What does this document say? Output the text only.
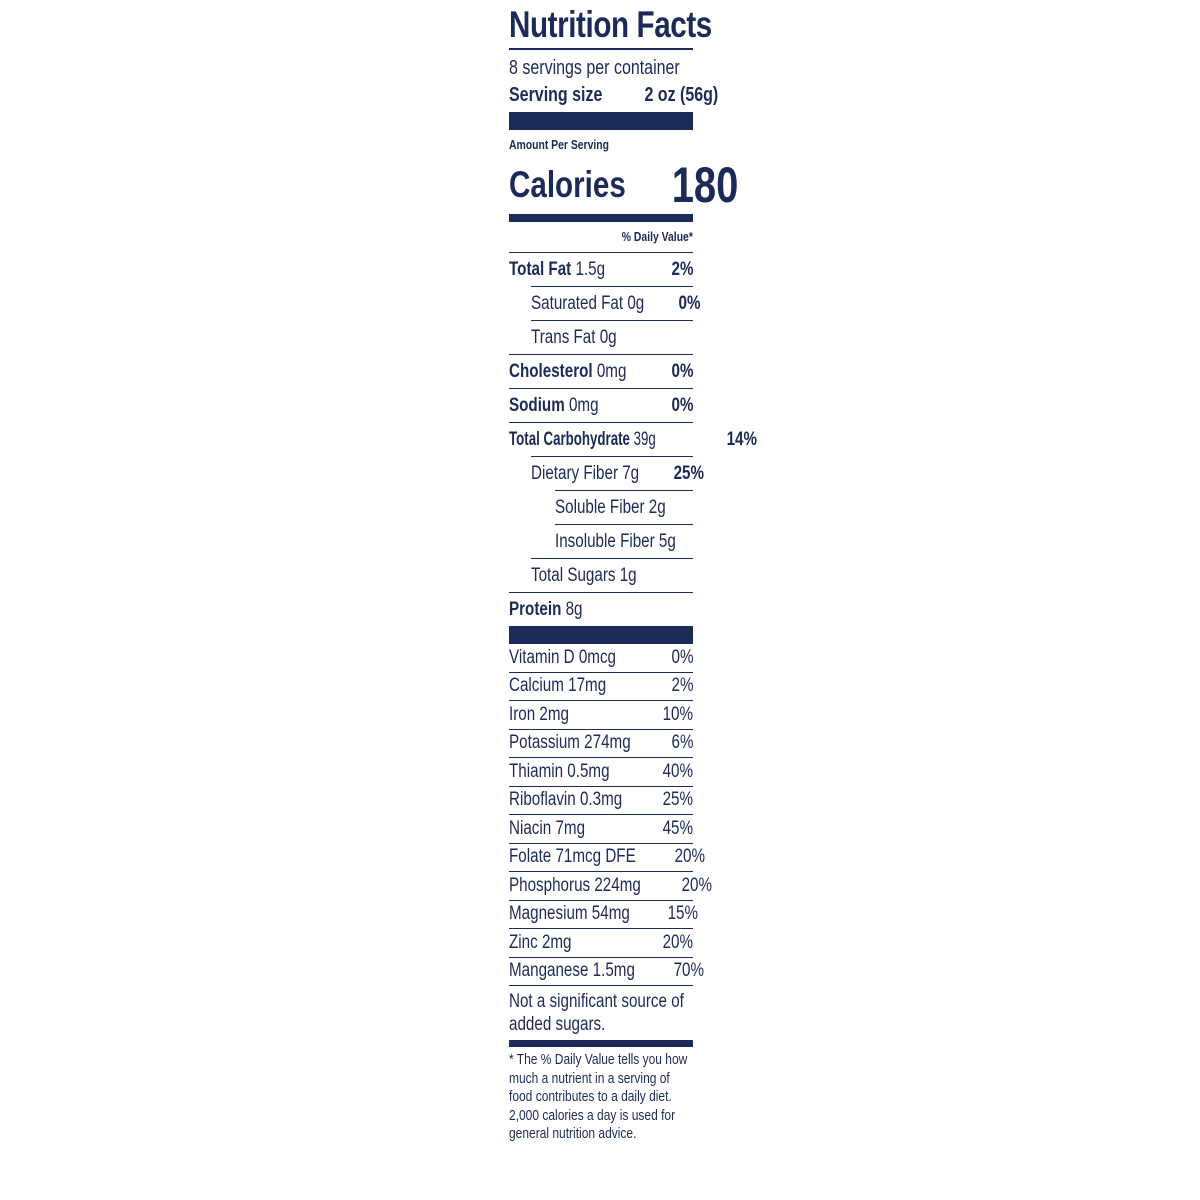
Nutrition Facts
8 servings per container
Serving size 2 oz (56g)
Amount Per Serving
Calories 180
% Daily Value*
Total Fat 1.5g	2%
Saturated Fat 0g 0%
Trans Fat 0g
Cholesterol 0mg 0%
Sodium 0mg	0%
Total Carbohydrate 39g	14%
Dietary Fiber 7g 25%
Soluble Fiber 2g
Insoluble Fiber 5g
Total Sugars 1g
Protein 8g
Vitamin D 0mcg	0%
Calcium 17mg	2%
Iron 2mg	10%
Potassium 274mg 6%
Thiamin 0.5mg	40%
Riboflavin 0.3mg 25%
Niacin 7mg	45%
Folate 71mcg DFE 20%
Phosphorus 224mg 20%
Magnesium 54mg 15%
Zinc 2mg	20%
Manganese 1.5mg 70%
Not a significant source of added sugars.
* The % Daily Value tells you how much a nutrient in a serving of food contributes to a daily diet. 2,000 calories a day is used for general nutrition advice.
